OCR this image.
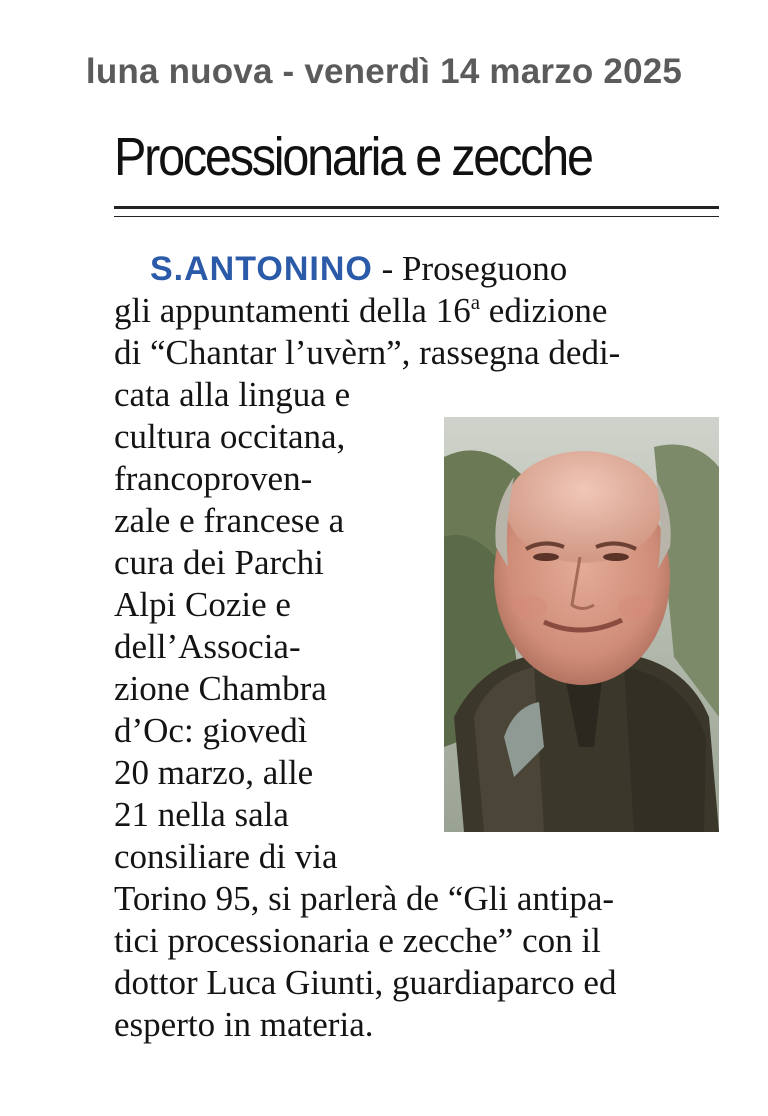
luna nuova - venerdì 14 marzo 2025
Processionaria e zecche
S.ANTONINO - Proseguono
gli appuntamenti della 16$^a$ edizione
di “Chantar l’uvèrn”, rassegna dedi-
cata alla lingua e
cultura occitana,
francoproven-
zale e francese a
cura dei Parchi
Alpi Cozie e
dell’Associa-
zione Chambra
d’Oc: giovedì
20 marzo, alle
21 nella sala
consiliare di via
Torino 95, si parlerà de “Gli antipa-
tici processionaria e zecche” con il
dottor Luca Giunti, guardiaparco ed
esperto in materia.
